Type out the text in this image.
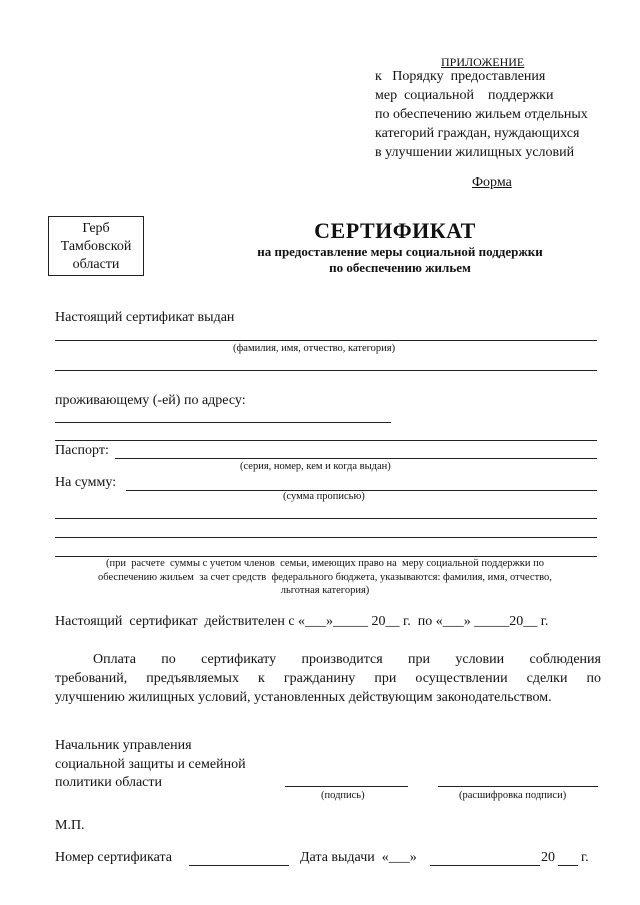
ПРИЛОЖЕНИЕ
к   Порядку  предоставления
мер  социальной    поддержки
по обеспечению жильем отдельных
категорий граждан, нуждающихся
в улучшении жилищных условий
Форма
Герб
Тамбовской
области
СЕРТИФИКАТ
на предоставление меры социальной поддержки
по обеспечению жильем
Настоящий сертификат выдан
(фамилия, имя, отчество, категория)
проживающему (-ей) по адресу:
Паспорт:
(серия, номер, кем и когда выдан)
На сумму:
(сумма прописью)
(при  расчете  суммы с учетом членов  семьи, имеющих право на  меру социальной поддержки по
обеспечению жильем  за счет средств  федерального бюджета, указываются: фамилия, имя, отчество,
льготная категория)
Настоящий  сертификат  действителен с «___»_____ 20__ г.  по «___» _____20__ г.
Оплата по сертификату производится при условии соблюдения
требований, предъявляемых к гражданину при осуществлении сделки по
улучшению жилищных условий, установленных действующим законодательством.
Начальник управления
социальной защиты и семейной
политики области
(подпись)	(расшифровка подписи)
М.П.
Номер сертификата	Дата выдачи  «___»	20 г.
